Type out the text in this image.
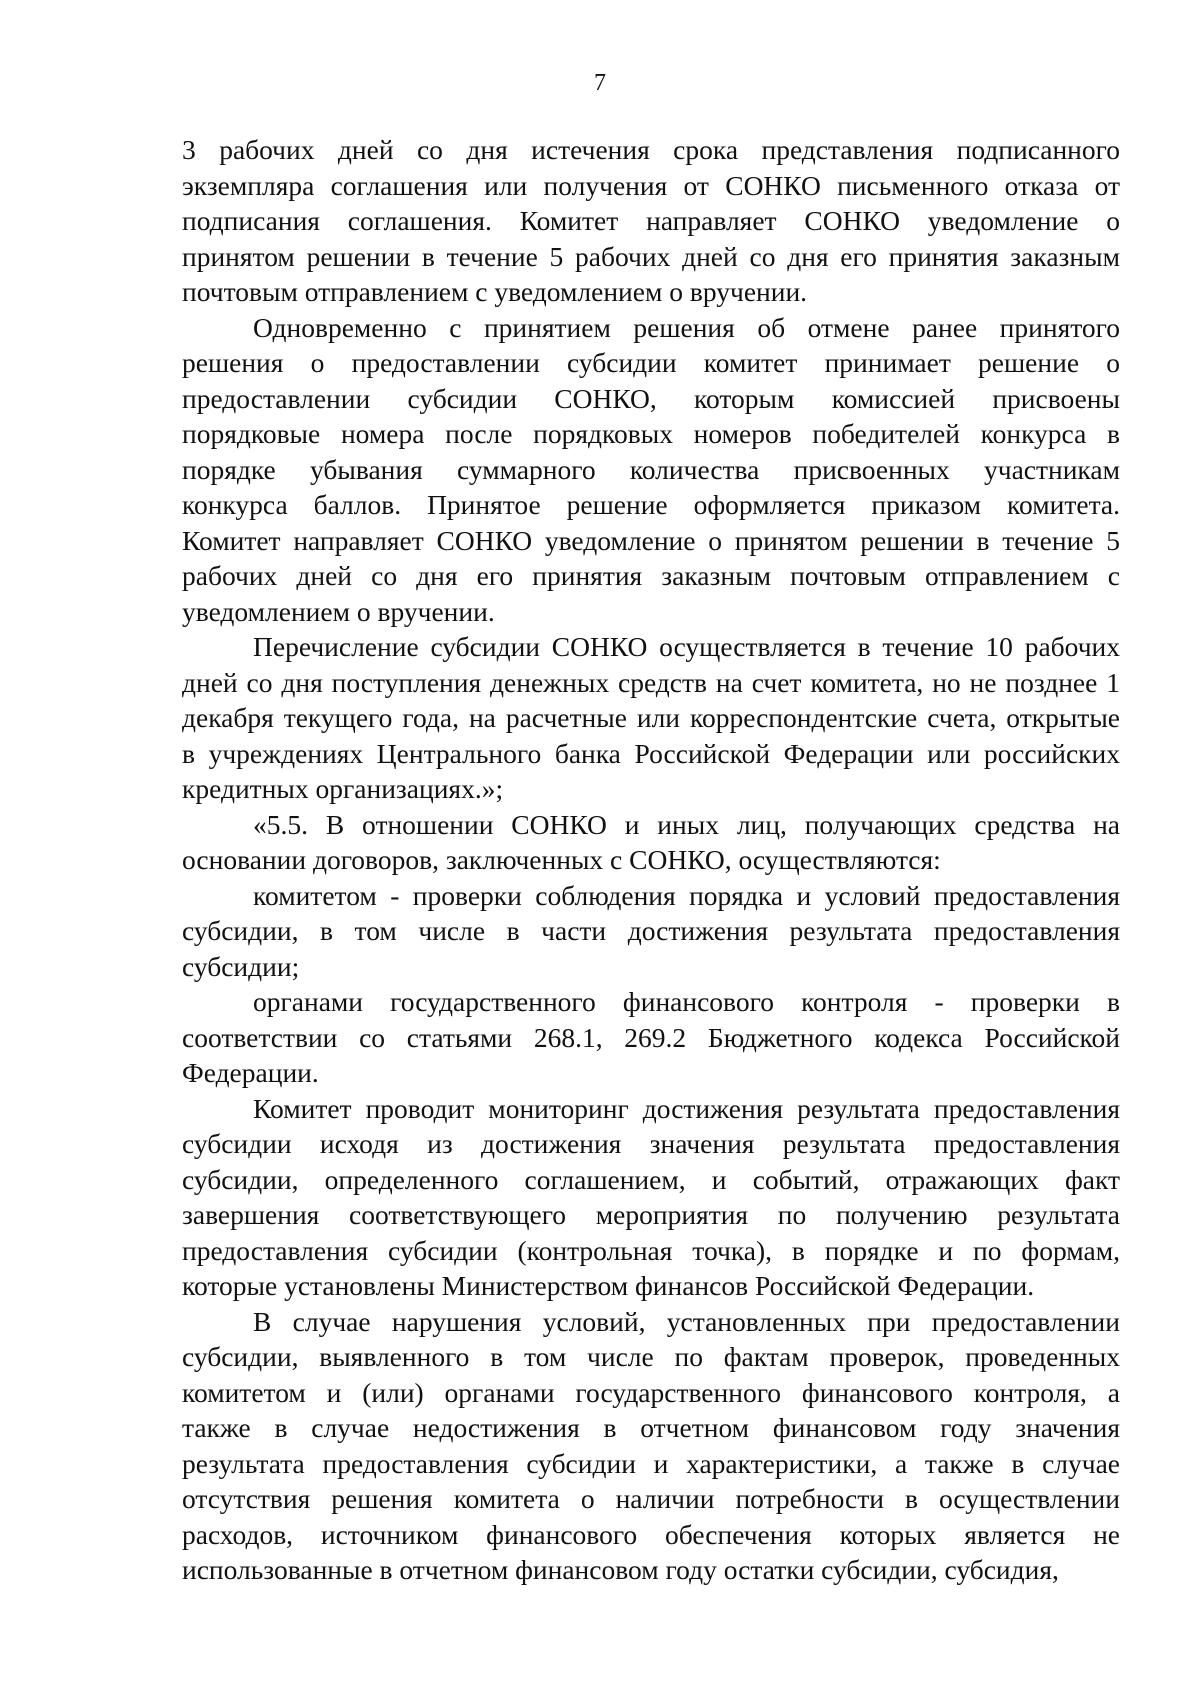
7
3 рабочих дней со дня истечения срока представления подписанного
экземпляра соглашения или получения от СОНКО письменного отказа от
подписания соглашения. Комитет направляет СОНКО уведомление о
принятом решении в течение 5 рабочих дней со дня его принятия заказным
почтовым отправлением с уведомлением о вручении.
Одновременно с принятием решения об отмене ранее принятого
решения о предоставлении субсидии комитет принимает решение о
предоставлении субсидии СОНКО, которым комиссией присвоены
порядковые номера после порядковых номеров победителей конкурса в
порядке убывания суммарного количества присвоенных участникам
конкурса баллов. Принятое решение оформляется приказом комитета.
Комитет направляет СОНКО уведомление о принятом решении в течение 5
рабочих дней со дня его принятия заказным почтовым отправлением с
уведомлением о вручении.
Перечисление субсидии СОНКО осуществляется в течение 10 рабочих
дней со дня поступления денежных средств на счет комитета, но не позднее 1
декабря текущего года, на расчетные или корреспондентские счета, открытые
в учреждениях Центрального банка Российской Федерации или российских
кредитных организациях.»;
«5.5. В отношении СОНКО и иных лиц, получающих средства на
основании договоров, заключенных с СОНКО, осуществляются:
комитетом - проверки соблюдения порядка и условий предоставления
субсидии, в том числе в части достижения результата предоставления
субсидии;
органами государственного финансового контроля - проверки в
соответствии со статьями 268.1, 269.2 Бюджетного кодекса Российской
Федерации.
Комитет проводит мониторинг достижения результата предоставления
субсидии исходя из достижения значения результата предоставления
субсидии, определенного соглашением, и событий, отражающих факт
завершения соответствующего мероприятия по получению результата
предоставления субсидии (контрольная точка), в порядке и по формам,
которые установлены Министерством финансов Российской Федерации.
В случае нарушения условий, установленных при предоставлении
субсидии, выявленного в том числе по фактам проверок, проведенных
комитетом и (или) органами государственного финансового контроля, а
также в случае недостижения в отчетном финансовом году значения
результата предоставления субсидии и характеристики, а также в случае
отсутствия решения комитета о наличии потребности в осуществлении
расходов, источником финансового обеспечения которых является не
использованные в отчетном финансовом году остатки субсидии, субсидия,
